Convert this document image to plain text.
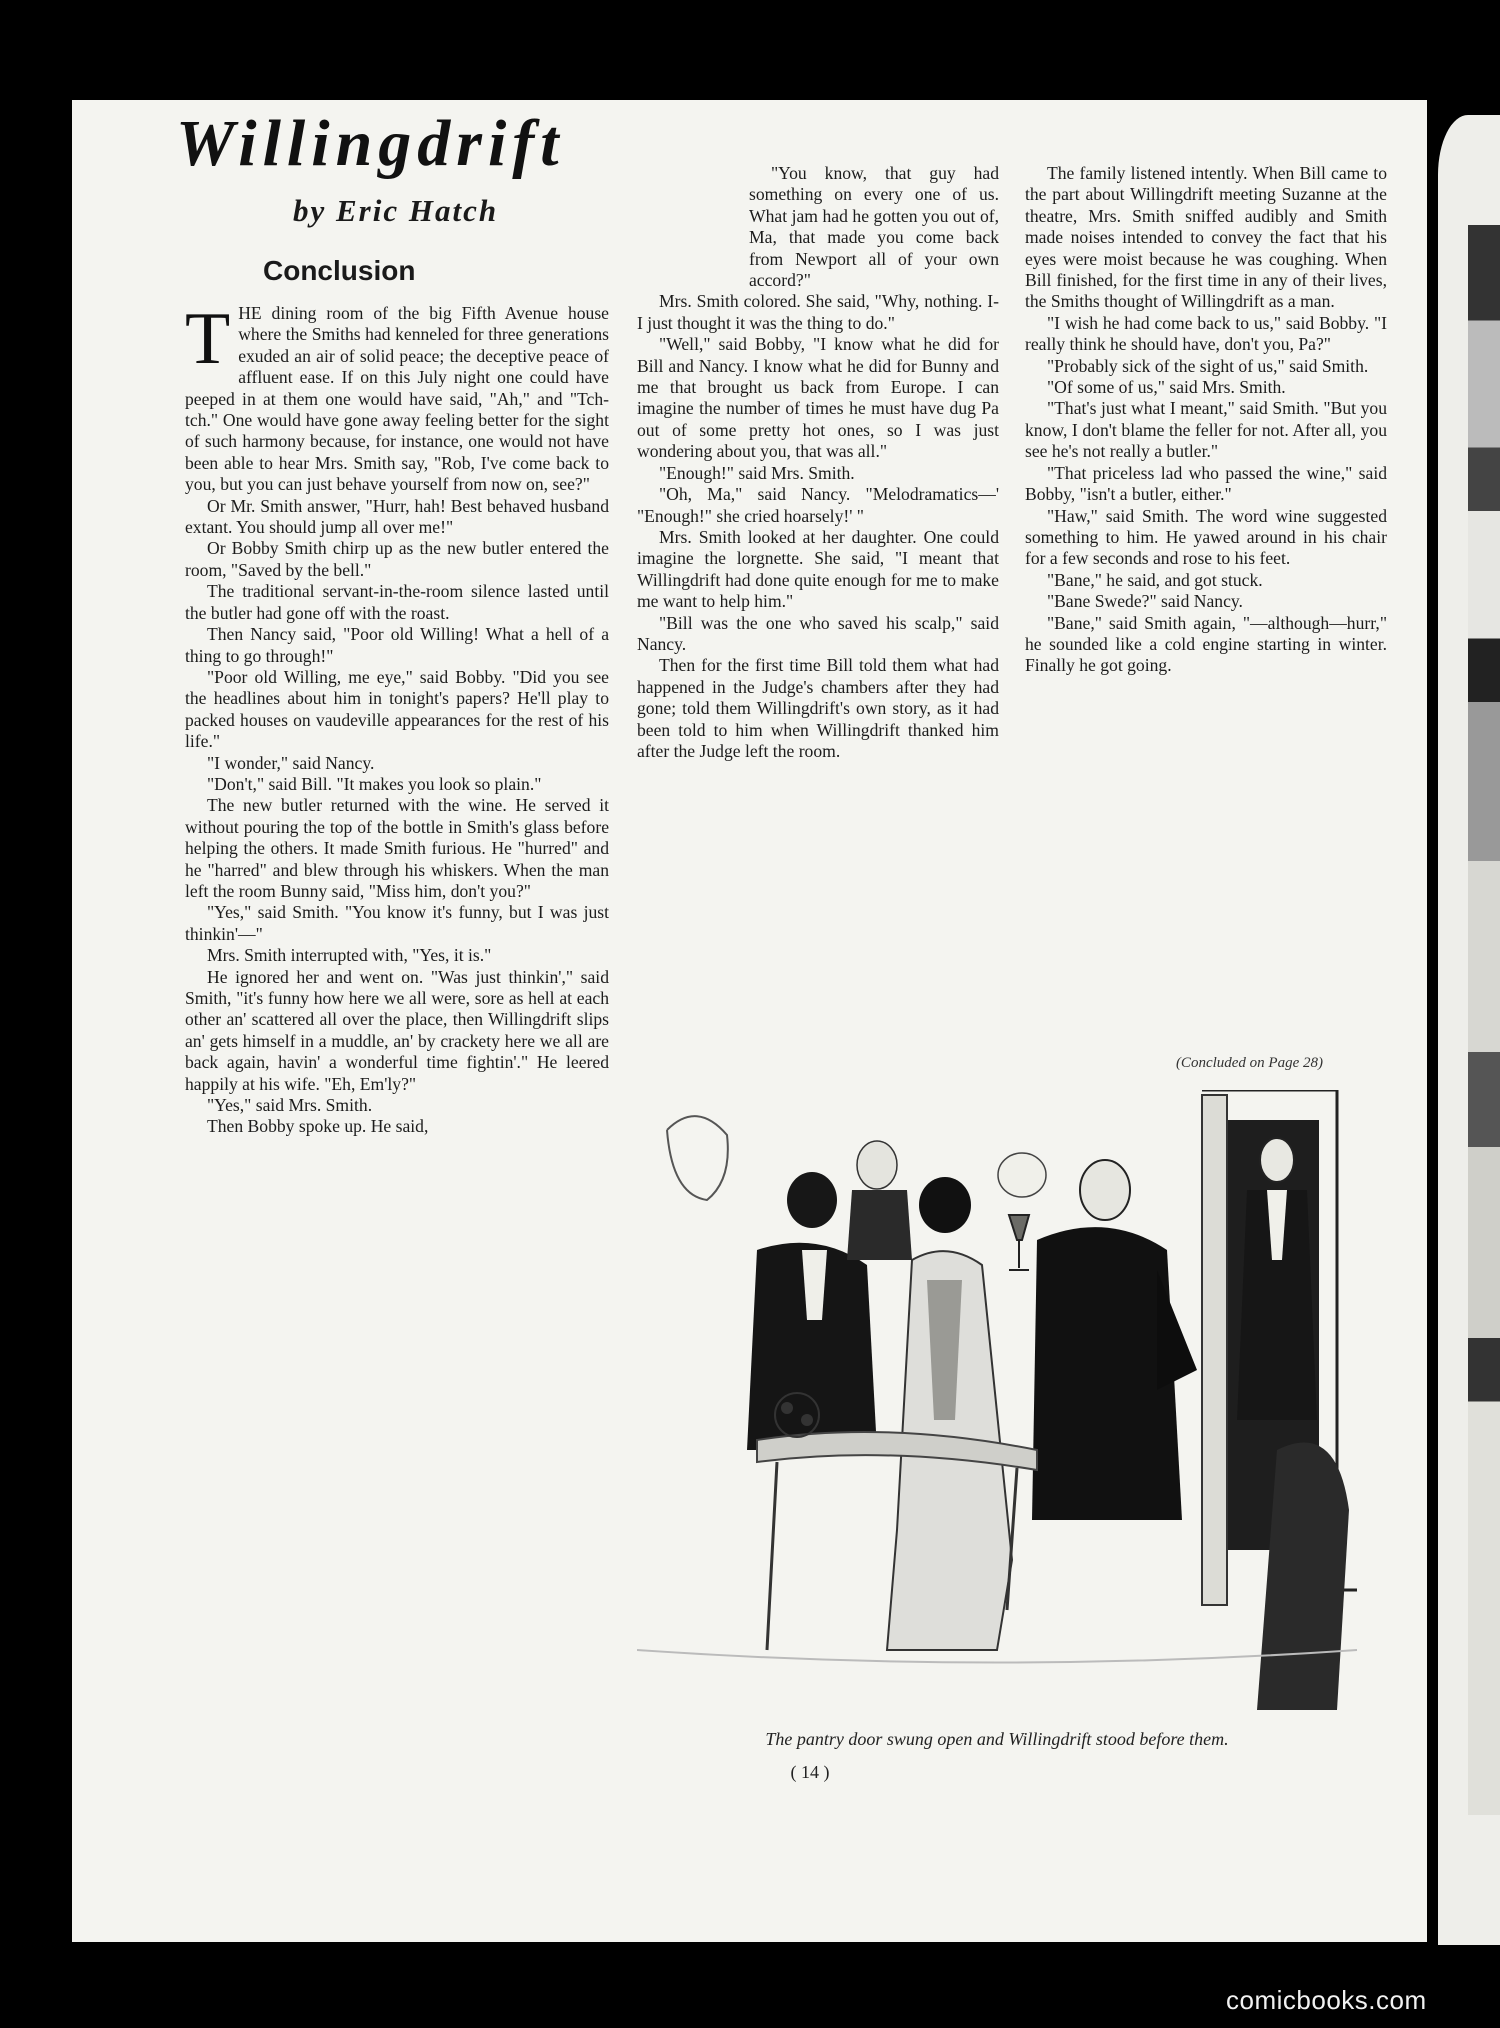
Willingdrift
by Eric Hatch
Conclusion

THE dining room of the big Fifth Avenue house where the Smiths had kenneled for three generations exuded an air of solid peace; the deceptive peace of affluent ease. If on this July night one could have peeped in at them one would have said, "Ah," and "Tch-tch." One would have gone away feeling better for the sight of such harmony because, for instance, one would not have been able to hear Mrs. Smith say, "Rob, I've come back to you, but you can just behave yourself from now on, see?"

Or Mr. Smith answer, "Hurr, hah! Best behaved husband extant. You should jump all over me!"

Or Bobby Smith chirp up as the new butler entered the room, "Saved by the bell."

The traditional servant-in-the-room silence lasted until the butler had gone off with the roast.

Then Nancy said, "Poor old Willing! What a hell of a thing to go through!"

"Poor old Willing, me eye," said Bobby. "Did you see the headlines about him in tonight's papers? He'll play to packed houses on vaudeville appearances for the rest of his life."

"I wonder," said Nancy.

"Don't," said Bill. "It makes you look so plain."

The new butler returned with the wine. He served it without pouring the top of the bottle in Smith's glass before helping the others. It made Smith furious. He "hurred" and he "harred" and blew through his whiskers. When the man left the room Bunny said, "Miss him, don't you?"

"Yes," said Smith. "You know it's funny, but I was just thinkin'—"

Mrs. Smith interrupted with, "Yes, it is."

He ignored her and went on. "Was just thinkin'," said Smith, "it's funny how here we all were, sore as hell at each other an' scattered all over the place, then Willingdrift slips an' gets himself in a muddle, an' by crackety here we all are back again, havin' a wonderful time fightin'." He leered happily at his wife. "Eh, Em'ly?"

"Yes," said Mrs. Smith.

Then Bobby spoke up. He said,

"You know, that guy had something on every one of us. What jam had he gotten you out of, Ma, that made you come back from Newport all of your own accord?"

Mrs. Smith colored. She said, "Why, nothing. I-I just thought it was the thing to do."

"Well," said Bobby, "I know what he did for Bill and Nancy. I know what he did for Bunny and me that brought us back from Europe. I can imagine the number of times he must have dug Pa out of some pretty hot ones, so I was just wondering about you, that was all."

"Enough!" said Mrs. Smith.

"Oh, Ma," said Nancy. "Melodramatics—' "Enough!" she cried hoarsely!' "

Mrs. Smith looked at her daughter. One could imagine the lorgnette. She said, "I meant that Willingdrift had done quite enough for me to make me want to help him."

"Bill was the one who saved his scalp," said Nancy.

Then for the first time Bill told them what had happened in the Judge's chambers after they had gone; told them Willingdrift's own story, as it had been told to him when Willingdrift thanked him after the Judge left the room.

The family listened intently. When Bill came to the part about Willingdrift meeting Suzanne at the theatre, Mrs. Smith sniffed audibly and Smith made noises intended to convey the fact that his eyes were moist because he was coughing. When Bill finished, for the first time in any of their lives, the Smiths thought of Willingdrift as a man.

"I wish he had come back to us," said Bobby. "I really think he should have, don't you, Pa?"

"Probably sick of the sight of us," said Smith.

"Of some of us," said Mrs. Smith.

"That's just what I meant," said Smith. "But you know, I don't blame the feller for not. After all, you see he's not really a butler."

"That priceless lad who passed the wine," said Bobby, "isn't a butler, either."

"Haw," said Smith. The word wine suggested something to him. He yawed around in his chair for a few seconds and rose to his feet.

"Bane," he said, and got stuck.

"Bane Swede?" said Nancy.

"Bane," said Smith again, "—although—hurr," he sounded like a cold engine starting in winter. Finally he got going.

(Concluded on Page 28)
The pantry door swung open and Willingdrift stood before them.
( 14 )
comicbooks.com
